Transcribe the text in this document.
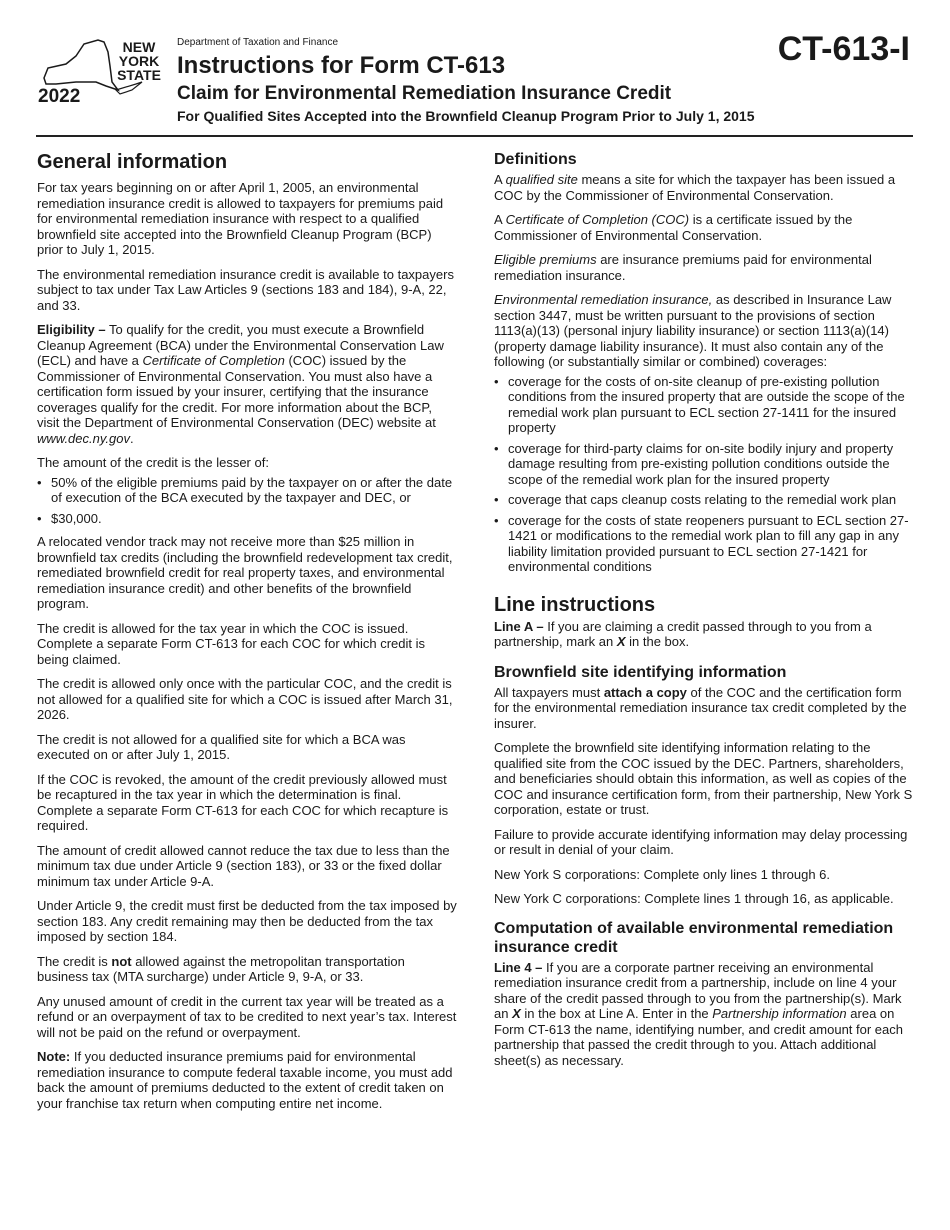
NEW YORK STATE
2022
Department of Taxation and Finance
Instructions for Form CT-613
Claim for Environmental Remediation Insurance Credit
For Qualified Sites Accepted into the Brownfield Cleanup Program Prior to July 1, 2015
CT-613-I
General information

For tax years beginning on or after April 1, 2005, an environmental remediation insurance credit is allowed to taxpayers for premiums paid for environmental remediation insurance with respect to a qualified brownfield site accepted into the Brownfield Cleanup Program (BCP) prior to July 1, 2015.

The environmental remediation insurance credit is available to taxpayers subject to tax under Tax Law Articles 9 (sections 183 and 184), 9-A, 22, and 33.

Eligibility – To qualify for the credit, you must execute a Brownfield Cleanup Agreement (BCA) under the Environmental Conservation Law (ECL) and have a Certificate of Completion (COC) issued by the Commissioner of Environmental Conservation. You must also have a certification form issued by your insurer, certifying that the insurance coverages qualify for the credit. For more information about the BCP, visit the Department of Environmental Conservation (DEC) website at www.dec.ny.gov.

The amount of the credit is the lesser of:

• 50% of the eligible premiums paid by the taxpayer on or after the date of execution of the BCA executed by the taxpayer and DEC, or
• $30,000.

A relocated vendor track may not receive more than $25 million in brownfield tax credits (including the brownfield redevelopment tax credit, remediated brownfield credit for real property taxes, and environmental remediation insurance credit) and other benefits of the brownfield program.

The credit is allowed for the tax year in which the COC is issued. Complete a separate Form CT-613 for each COC for which credit is being claimed.

The credit is allowed only once with the particular COC, and the credit is not allowed for a qualified site for which a COC is issued after March 31, 2026.

The credit is not allowed for a qualified site for which a BCA was executed on or after July 1, 2015.

If the COC is revoked, the amount of the credit previously allowed must be recaptured in the tax year in which the determination is final. Complete a separate Form CT-613 for each COC for which recapture is required.

The amount of credit allowed cannot reduce the tax due to less than the minimum tax due under Article 9 (section 183), or 33 or the fixed dollar minimum tax under Article 9-A.

Under Article 9, the credit must first be deducted from the tax imposed by section 183. Any credit remaining may then be deducted from the tax imposed by section 184.

The credit is not allowed against the metropolitan transportation business tax (MTA surcharge) under Article 9, 9-A, or 33.

Any unused amount of credit in the current tax year will be treated as a refund or an overpayment of tax to be credited to next year’s tax. Interest will not be paid on the refund or overpayment.

Note: If you deducted insurance premiums paid for environmental remediation insurance to compute federal taxable income, you must add back the amount of premiums deducted to the extent of credit taken on your franchise tax return when computing entire net income.

Definitions

A qualified site means a site for which the taxpayer has been issued a COC by the Commissioner of Environmental Conservation.

A Certificate of Completion (COC) is a certificate issued by the Commissioner of Environmental Conservation.

Eligible premiums are insurance premiums paid for environmental remediation insurance.

Environmental remediation insurance, as described in Insurance Law section 3447, must be written pursuant to the provisions of section 1113(a)(13) (personal injury liability insurance) or section 1113(a)(14) (property damage liability insurance). It must also contain any of the following (or substantially similar or combined) coverages:

• coverage for the costs of on-site cleanup of pre-existing pollution conditions from the insured property that are outside the scope of the remedial work plan pursuant to ECL section 27-1411 for the insured property
• coverage for third-party claims for on-site bodily injury and property damage resulting from pre-existing pollution conditions outside the scope of the remedial work plan for the insured property
• coverage that caps cleanup costs relating to the remedial work plan
• coverage for the costs of state reopeners pursuant to ECL section 27-1421 or modifications to the remedial work plan to fill any gap in any liability limitation provided pursuant to ECL section 27-1421 for environmental conditions
Line instructions

Line A – If you are claiming a credit passed through to you from a partnership, mark an X in the box.

Brownfield site identifying information

All taxpayers must attach a copy of the COC and the certification form for the environmental remediation insurance tax credit completed by the insurer.

Complete the brownfield site identifying information relating to the qualified site from the COC issued by the DEC. Partners, shareholders, and beneficiaries should obtain this information, as well as copies of the COC and insurance certification form, from their partnership, New York S corporation, estate or trust.

Failure to provide accurate identifying information may delay processing or result in denial of your claim.

New York S corporations: Complete only lines 1 through 6.

New York C corporations: Complete lines 1 through 16, as applicable.

Computation of available environmental remediation insurance credit

Line 4 – If you are a corporate partner receiving an environmental remediation insurance credit from a partnership, include on line 4 your share of the credit passed through to you from the partnership(s). Mark an X in the box at Line A. Enter in the Partnership information area on Form CT-613 the name, identifying number, and credit amount for each partnership that passed the credit through to you. Attach additional sheet(s) as necessary.
